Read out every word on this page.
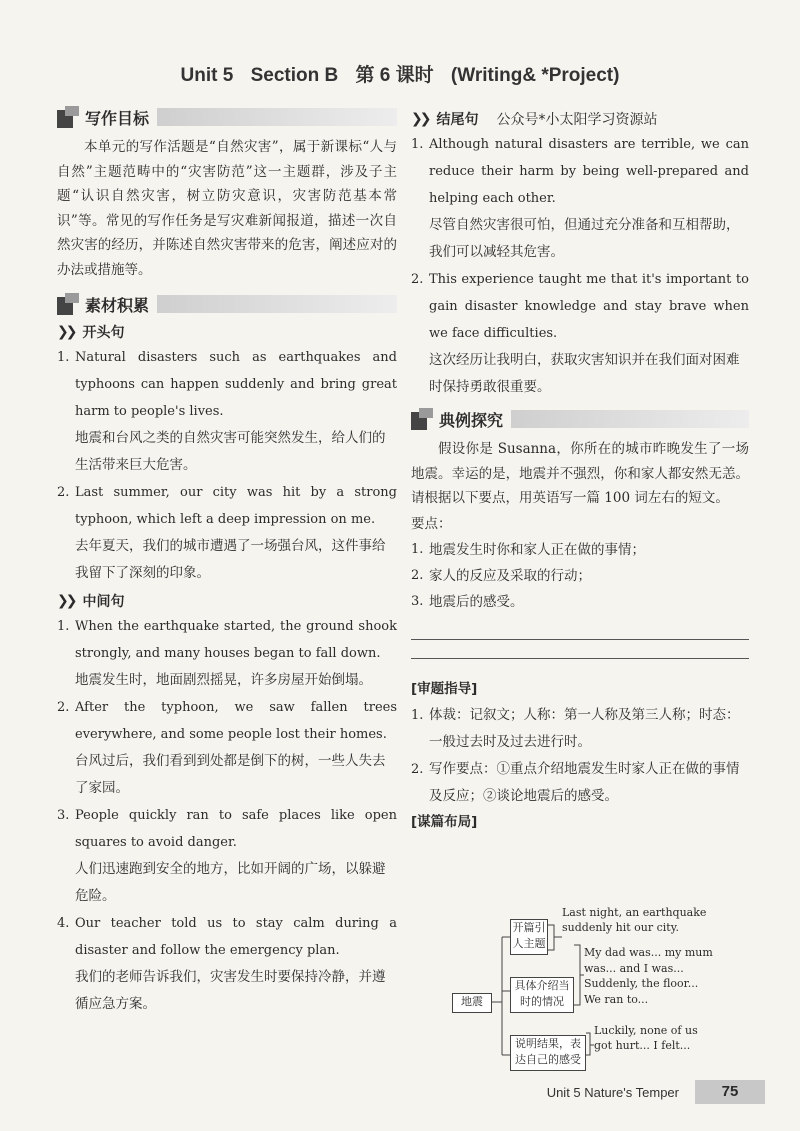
Unit 5 Section B 第 6 课时 (Writing& *Project)
写作目标

本单元的写作活题是“自然灾害”，属于新课标“人与自然”主题范畴中的“灾害防范”这一主题群，涉及子主题“认识自然灾害，树立防灾意识，灾害防范基本常识”等。常见的写作任务是写灾难新闻报道，描述一次自然灾害的经历，并陈述自然灾害带来的危害，阐述应对的办法或措施等。

素材积累
❯❯ 开头句
1. Natural disasters such as earthquakes and typhoons can happen suddenly and bring great harm to people's lives.

地震和台风之类的自然灾害可能突然发生，给人们的生活带来巨大危害。

2. Last summer, our city was hit by a strong typhoon, which left a deep impression on me.

去年夏天，我们的城市遭遇了一场强台风，这件事给我留下了深刻的印象。

❯❯ 中间句
1. When the earthquake started, the ground shook strongly, and many houses began to fall down.

地震发生时，地面剧烈摇晃，许多房屋开始倒塌。

2. After the typhoon, we saw fallen trees everywhere, and some people lost their homes.

台风过后，我们看到到处都是倒下的树，一些人失去了家园。

3. People quickly ran to safe places like open squares to avoid danger.

人们迅速跑到安全的地方，比如开阔的广场，以躲避危险。

4. Our teacher told us to stay calm during a disaster and follow the emergency plan.

我们的老师告诉我们，灾害发生时要保持冷静，并遵循应急方案。

❯❯ 结尾句 公众号*小太阳学习资源站
1. Although natural disasters are terrible, we can reduce their harm by being well-prepared and helping each other.

尽管自然灾害很可怕，但通过充分准备和互相帮助，我们可以减轻其危害。

2. This experience taught me that it's important to gain disaster knowledge and stay brave when we face difficulties.

这次经历让我明白，获取灾害知识并在我们面对困难时保持勇敢很重要。

典例探究

假设你是 Susanna，你所在的城市昨晚发生了一场地震。幸运的是，地震并不强烈，你和家人都安然无恙。请根据以下要点，用英语写一篇 100 词左右的短文。

要点：

1. 地震发生时你和家人正在做的事情；
2. 家人的反应及采取的行动；
3. 地震后的感受。

[审题指导]

1. 体裁：记叙文；人称：第一人称及第三人称；时态：一般过去时及过去进行时。
2. 写作要点：①重点介绍地震发生时家人正在做的事情及反应；②谈论地震后的感受。

[谋篇布局]

地震
开篇引人主题
Last night, an earthquake suddenly hit our city.
具体介绍当时的情况
My dad was... my mum was... and I was... Suddenly, the floor... We ran to...
说明结果，表达自己的感受
Luckily, none of us got hurt... I felt...
Unit 5 Nature's Temper	75
